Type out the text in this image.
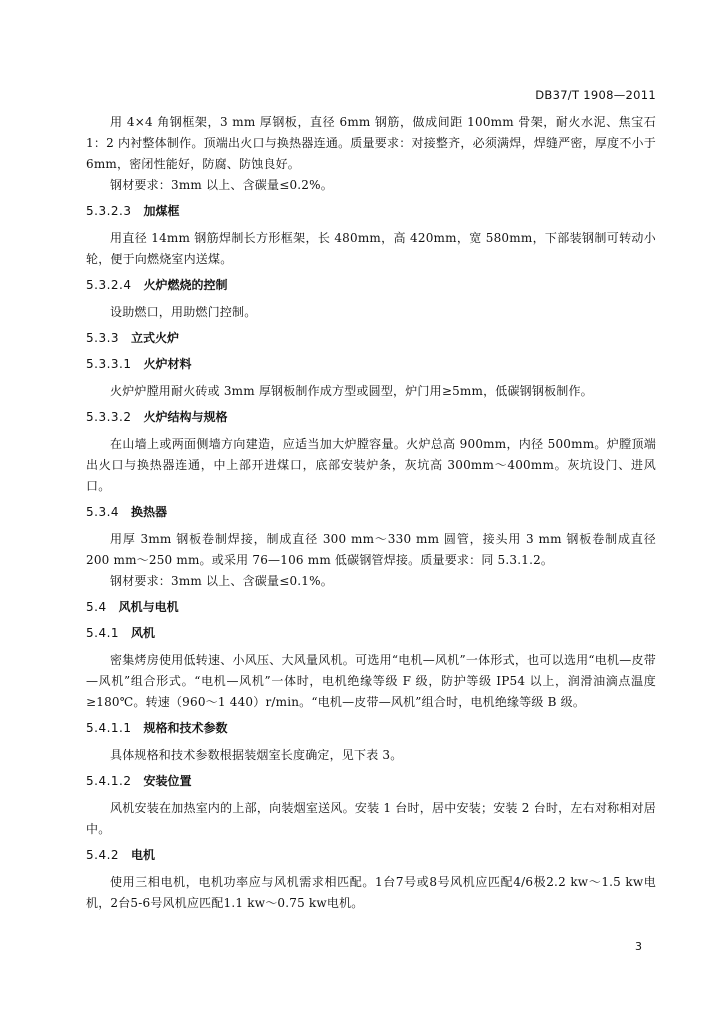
DB37/T 1908—2011

用 4×4 角钢框架，3 mm 厚钢板，直径 6mm 钢筋，做成间距 100mm 骨架，耐火水泥、焦宝石 1：2 内衬整体制作。顶端出火口与换热器连通。质量要求：对接整齐，必须满焊，焊缝严密，厚度不小于 6mm，密闭性能好，防腐、防蚀良好。

钢材要求：3mm 以上、含碳量≤0.2%。

5.3.2.3 加煤框

用直径 14mm 钢筋焊制长方形框架，长 480mm，高 420mm，宽 580mm，下部装钢制可转动小轮，便于向燃烧室内送煤。

5.3.2.4 火炉燃烧的控制

设助燃口，用助燃门控制。

5.3.3 立式火炉
5.3.3.1 火炉材料

火炉炉膛用耐火砖或 3mm 厚钢板制作成方型或圆型，炉门用≥5mm，低碳钢钢板制作。

5.3.3.2 火炉结构与规格

在山墙上或两面侧墙方向建造，应适当加大炉膛容量。火炉总高 900mm，内径 500mm。炉膛顶端出火口与换热器连通，中上部开进煤口，底部安装炉条，灰坑高 300mm～400mm。灰坑设门、进风口。

5.3.4 换热器

用厚 3mm 钢板卷制焊接，制成直径 300 mm～330 mm 圆管，接头用 3 mm 钢板卷制成直径 200 mm～250 mm。或采用 76—106 mm 低碳钢管焊接。质量要求：同 5.3.1.2。

钢材要求：3mm 以上、含碳量≤0.1%。

5.4 风机与电机
5.4.1 风机

密集烤房使用低转速、小风压、大风量风机。可选用“电机—风机”一体形式，也可以选用“电机—皮带—风机”组合形式。“电机—风机”一体时，电机绝缘等级 F 级，防护等级 IP54 以上，润滑油滴点温度≥180℃。转速（960～1 440）r/min。“电机—皮带—风机”组合时，电机绝缘等级 B 级。

5.4.1.1 规格和技术参数

具体规格和技术参数根据装烟室长度确定，见下表 3。

5.4.1.2 安装位置

风机安装在加热室内的上部，向装烟室送风。安装 1 台时，居中安装；安装 2 台时，左右对称相对居中。

5.4.2 电机

使用三相电机，电机功率应与风机需求相匹配。1台7号或8号风机应匹配4/6极2.2 kw～1.5 kw电机，2台5-6号风机应匹配1.1 kw～0.75 kw电机。

3
